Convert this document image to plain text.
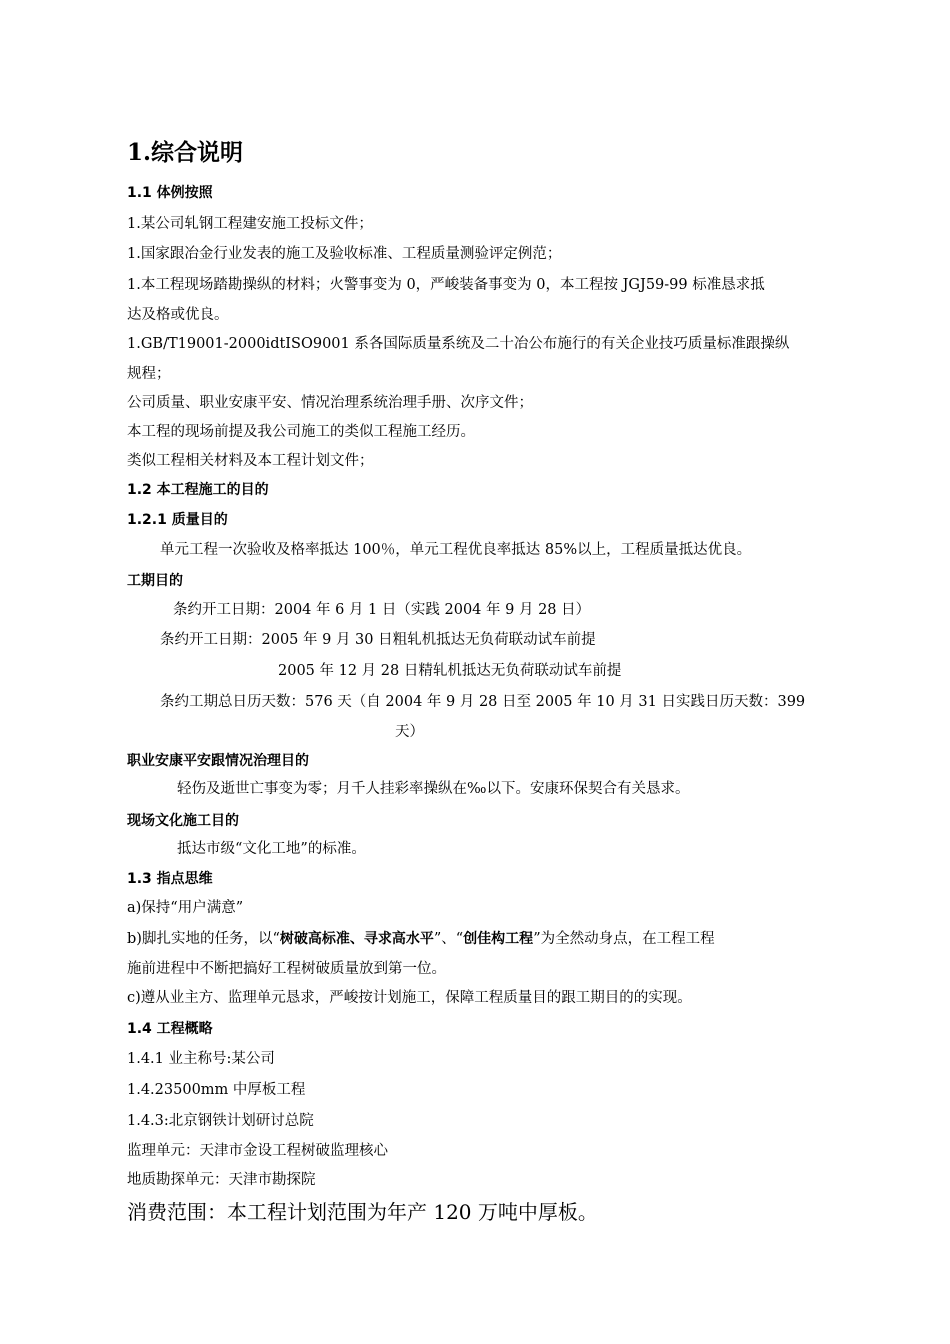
1.综合说明
1.1 体例按照
1.某公司轧钢工程建安施工投标文件；
1.国家跟冶金行业发表的施工及验收标准、工程质量测验评定例范；
1.本工程现场踏勘操纵的材料；火警事变为 0，严峻装备事变为 0，本工程按 JGJ59-99 标准恳求抵
达及格或优良。
1.GB/T19001-2000idtISO9001 系各国际质量系统及二十冶公布施行的有关企业技巧质量标准跟操纵
规程；
公司质量、职业安康平安、情况治理系统治理手册、次序文件；
本工程的现场前提及我公司施工的类似工程施工经历。
类似工程相关材料及本工程计划文件；
1.2 本工程施工的目的
1.2.1 质量目的
单元工程一次验收及格率抵达 100％，单元工程优良率抵达 85%以上，工程质量抵达优良。
工期目的
条约开工日期：2004 年 6 月 1 日（实践 2004 年 9 月 28 日）
条约开工日期：2005 年 9 月 30 日粗轧机抵达无负荷联动试车前提
2005 年 12 月 28 日精轧机抵达无负荷联动试车前提
条约工期总日历天数：576 天（自 2004 年 9 月 28 日至 2005 年 10 月 31 日实践日历天数：399
天）
职业安康平安跟情况治理目的
轻伤及逝世亡事变为零；月千人挂彩率操纵在‰以下。安康环保契合有关恳求。
现场文化施工目的
抵达市级“文化工地”的标准。
1.3 指点思维
a)保持“用户满意”
b)脚扎实地的任务，以“树破高标准、寻求高水平”、“创佳构工程”为全然动身点，在工程工程
施前进程中不断把搞好工程树破质量放到第一位。
c)遵从业主方、监理单元恳求，严峻按计划施工，保障工程质量目的跟工期目的的实现。
1.4 工程概略
1.4.1 业主称号:某公司
1.4.23500mm 中厚板工程
1.4.3:北京钢铁计划研讨总院
监理单元：天津市金设工程树破监理核心
地质勘探单元：天津市勘探院
消费范围：本工程计划范围为年产 120 万吨中厚板。
